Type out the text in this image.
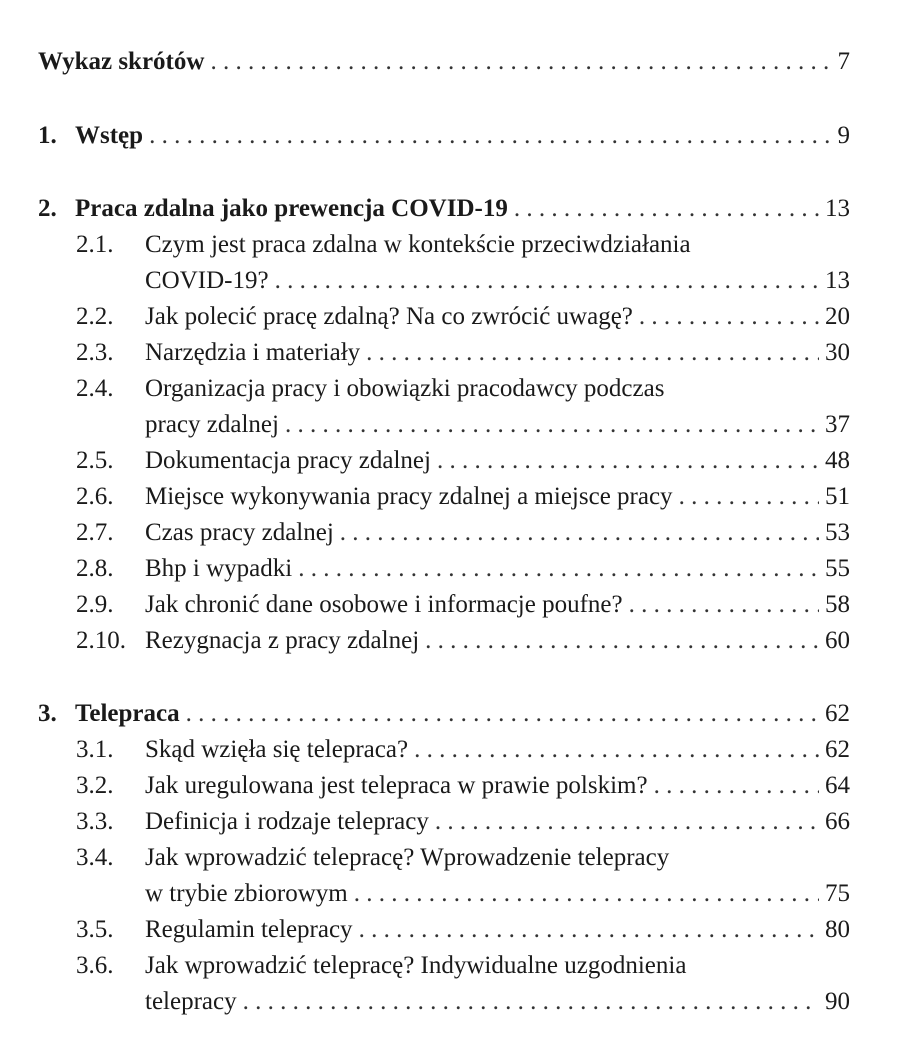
Wykaz skrótów . . .	7
1. Wstęp . . .	9
2. Praca zdalna jako prewencja COVID-19 . . .	13
2.1. Czym jest praca zdalna w kontekście przeciwdziałania
COVID-19? . . .	13
2.2. Jak polecić pracę zdalną? Na co zwrócić uwagę? . . .	20
2.3. Narzędzia i materiały . . .	30
2.4. Organizacja pracy i obowiązki pracodawcy podczas
pracy zdalnej . . .	37
2.5. Dokumentacja pracy zdalnej . . .	48
2.6. Miejsce wykonywania pracy zdalnej a miejsce pracy . . .	51
2.7. Czas pracy zdalnej . . .	53
2.8. Bhp i wypadki . . .	55
2.9. Jak chronić dane osobowe i informacje poufne? . . .	58
2.10. Rezygnacja z pracy zdalnej . . .	60
3. Telepraca . . .	62
3.1. Skąd wzięła się telepraca? . . .	62
3.2. Jak uregulowana jest telepraca w prawie polskim? . . .	64
3.3. Definicja i rodzaje telepracy . . .	66
3.4. Jak wprowadzić telepracę? Wprowadzenie telepracy
w trybie zbiorowym . . .	75
3.5. Regulamin telepracy . . .	80
3.6. Jak wprowadzić telepracę? Indywidualne uzgodnienia
telepracy . . .	90
